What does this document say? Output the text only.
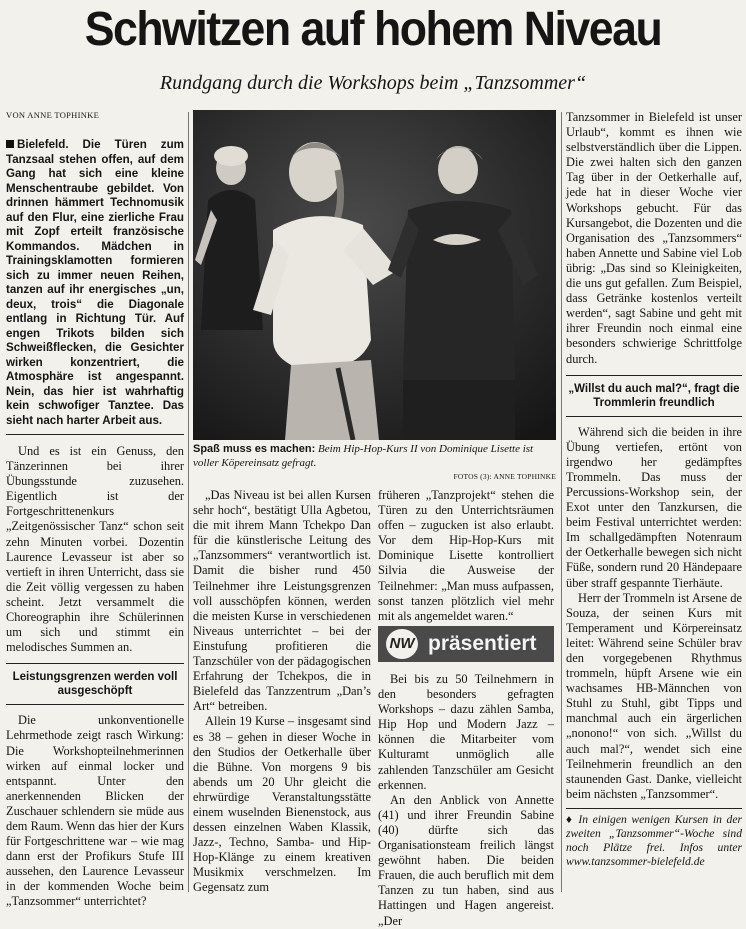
Schwitzen auf hohem Niveau
Rundgang durch die Workshops beim „Tanzsommer“
VON ANNE TOPHINKE
Bielefeld. Die Türen zum Tanzsaal stehen offen, auf dem Gang hat sich eine kleine Menschentraube gebildet. Von drinnen hämmert Technomusik auf den Flur, eine zierliche Frau mit Zopf erteilt französische Kommandos. Mädchen in Trainingsklamotten formieren sich zu immer neuen Reihen, tanzen auf ihr energisches „un, deux, trois“ die Diagonale entlang in Richtung Tür. Auf engen Trikots bilden sich Schweißflecken, die Gesichter wirken konzentriert, die Atmosphäre ist angespannt. Nein, das hier ist wahrhaftig kein schwofiger Tanztee. Das sieht nach harter Arbeit aus.

Und es ist ein Genuss, den Tänzerinnen bei ihrer Übungsstunde zuzusehen. Eigentlich ist der Fortgeschrittenenkurs „Zeitgenössischer Tanz“ schon seit zehn Minuten vorbei. Dozentin Laurence Levasseur ist aber so vertieft in ihren Unterricht, dass sie die Zeit völlig vergessen zu haben scheint. Jetzt versammelt die Choreographin ihre Schülerinnen um sich und stimmt ein melodisches Summen an.

Leistungsgrenzen werden voll ausgeschöpft

Die unkonventionelle Lehrmethode zeigt rasch Wirkung: Die Workshopteilnehmerinnen wirken auf einmal locker und entspannt. Unter den anerkennenden Blicken der Zuschauer schlendern sie müde aus dem Raum. Wenn das hier der Kurs für Fortgeschrittene war – wie mag dann erst der Profikurs Stufe III aussehen, den Laurence Levasseur in der kommenden Woche beim „Tanzsommer“ unterrichtet?

Spaß muss es machen: Beim Hip-Hop-Kurs II von Dominique Lisette ist voller Köpereinsatz gefragt.
FOTOS (3): ANNE TOPHINKE

„Das Niveau ist bei allen Kursen sehr hoch“, bestätigt Ulla Agbetou, die mit ihrem Mann Tchekpo Dan für die künstlerische Leitung des „Tanzsommers“ verantwortlich ist. Damit die bisher rund 450 Teilnehmer ihre Leistungsgrenzen voll ausschöpfen können, werden die meisten Kurse in verschiedenen Niveaus unterrichtet – bei der Einstufung profitieren die Tanzschüler von der pädagogischen Erfahrung der Tchekpos, die in Bielefeld das Tanzzentrum „Dan’s Art“ betreiben.

Allein 19 Kurse – insgesamt sind es 38 – gehen in dieser Woche in den Studios der Oetkerhalle über die Bühne. Von morgens 9 bis abends um 20 Uhr gleicht die ehrwürdige Veranstaltungsstätte einem wuselnden Bienenstock, aus dessen einzelnen Waben Klassik, Jazz-, Techno, Samba- und Hip-Hop-Klänge zu einem kreativen Musikmix verschmelzen. Im Gegensatz zum

früheren „Tanzprojekt“ stehen die Türen zu den Unterrichtsräumen offen – zugucken ist also erlaubt. Vor dem Hip-Hop-Kurs mit Dominique Lisette kontrolliert Silvia die Ausweise der Teilnehmer: „Man muss aufpassen, sonst tanzen plötzlich viel mehr mit als angemeldet waren.“

NW präsentiert

Bei bis zu 50 Teilnehmern in den besonders gefragten Workshops – dazu zählen Samba, Hip Hop und Modern Jazz – können die Mitarbeiter vom Kulturamt unmöglich alle zahlenden Tanzschüler am Gesicht erkennen.

An den Anblick von Annette (41) und ihrer Freundin Sabine (40) dürfte sich das Organisationsteam freilich längst gewöhnt haben. Die beiden Frauen, die auch beruflich mit dem Tanzen zu tun haben, sind aus Hattingen und Hagen angereist. „Der

Tanzsommer in Bielefeld ist unser Urlaub“, kommt es ihnen wie selbstverständlich über die Lippen. Die zwei halten sich den ganzen Tag über in der Oetkerhalle auf, jede hat in dieser Woche vier Workshops gebucht. Für das Kursangebot, die Dozenten und die Organisation des „Tanzsommers“ haben Annette und Sabine viel Lob übrig: „Das sind so Kleinigkeiten, die uns gut gefallen. Zum Beispiel, dass Getränke kostenlos verteilt werden“, sagt Sabine und geht mit ihrer Freundin noch einmal eine besonders schwierige Schrittfolge durch.

„Willst du auch mal?“, fragt die Trommlerin freundlich

Während sich die beiden in ihre Übung vertiefen, ertönt von irgendwo her gedämpftes Trommeln. Das muss der Percussions-Workshop sein, der Exot unter den Tanzkursen, die beim Festival unterrichtet werden: Im schallgedämpften Notenraum der Oetkerhalle bewegen sich nicht Füße, sondern rund 20 Händepaare über straff gespannte Tierhäute.

Herr der Trommeln ist Arsene de Souza, der seinen Kurs mit Temperament und Körpereinsatz leitet: Während seine Schüler brav den vorgegebenen Rhythmus trommeln, hüpft Arsene wie ein wachsames HB-Männchen von Stuhl zu Stuhl, gibt Tipps und manchmal auch ein ärgerlichen „nonono!“ von sich. „Willst du auch mal?“, wendet sich eine Teilnehmerin freundlich an den staunenden Gast. Danke, vielleicht beim nächsten „Tanzsommer“.

♦ In einigen wenigen Kursen in der zweiten „Tanzsommer“-Woche sind noch Plätze frei. Infos unter www.tanzsommer-bielefeld.de
